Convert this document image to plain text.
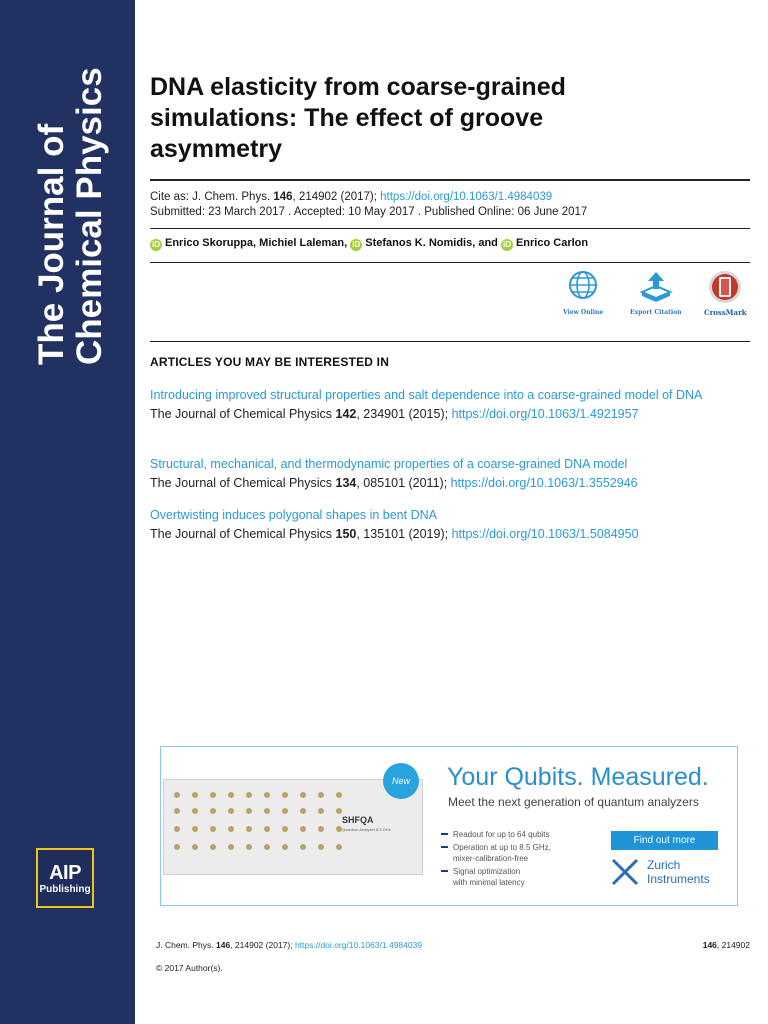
The Journal of Chemical Physics
AIP
Publishing
DNA elasticity from coarse-grained simulations: The effect of groove asymmetry
Cite as: J. Chem. Phys. 146, 214902 (2017); https://doi.org/10.1063/1.4984039
Submitted: 23 March 2017 . Accepted: 10 May 2017 . Published Online: 06 June 2017
iD Enrico Skoruppa, Michiel Laleman, iD Stefanos K. Nomidis, and iD Enrico Carlon
View Online	Export Citation	CrossMark
ARTICLES YOU MAY BE INTERESTED IN
Introducing improved structural properties and salt dependence into a coarse-grained model of DNA
The Journal of Chemical Physics 142, 234901 (2015); https://doi.org/10.1063/1.4921957
Structural, mechanical, and thermodynamic properties of a coarse-grained DNA model
The Journal of Chemical Physics 134, 085101 (2011); https://doi.org/10.1063/1.3552946
Overtwisting induces polygonal shapes in bent DNA
The Journal of Chemical Physics 150, 135101 (2019); https://doi.org/10.1063/1.5084950
SHFQA
Quantum Analyzer 8.5 GHz
New	Your Qubits. Measured.
Meet the next generation of quantum analyzers
Readout for up to 64 qubits
Operation at up to 8.5 GHz,
mixer-calibration-free
Signal optimization
with minimal latency
Find out more
Zurich
Instruments
J. Chem. Phys. 146, 214902 (2017); https://doi.org/10.1063/1.4984039	146, 214902
© 2017 Author(s).
